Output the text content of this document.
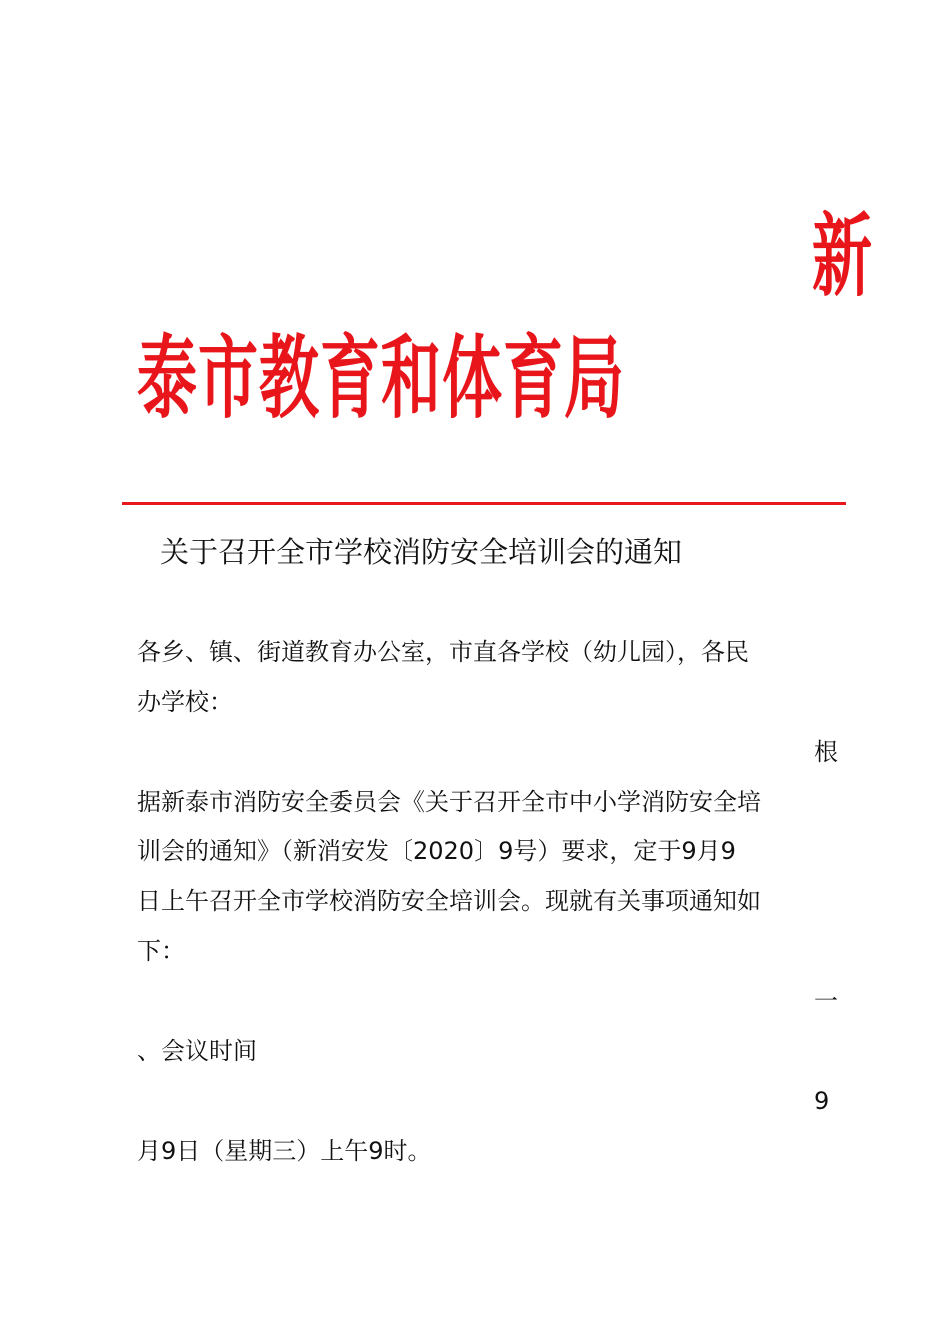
新
泰市教育和体育局
关于召开全市学校消防安全培训会的通知
各乡、镇、街道教育办公室，市直各学校（幼儿园），各民
办学校：
根
据新泰市消防安全委员会《关于召开全市中小学消防安全培
训会的通知》（新消安发〔2020〕9号）要求，定于9月9
日上午召开全市学校消防安全培训会。现就有关事项通知如
下：
一
、会议时间
9
月9日（星期三）上午9时。
